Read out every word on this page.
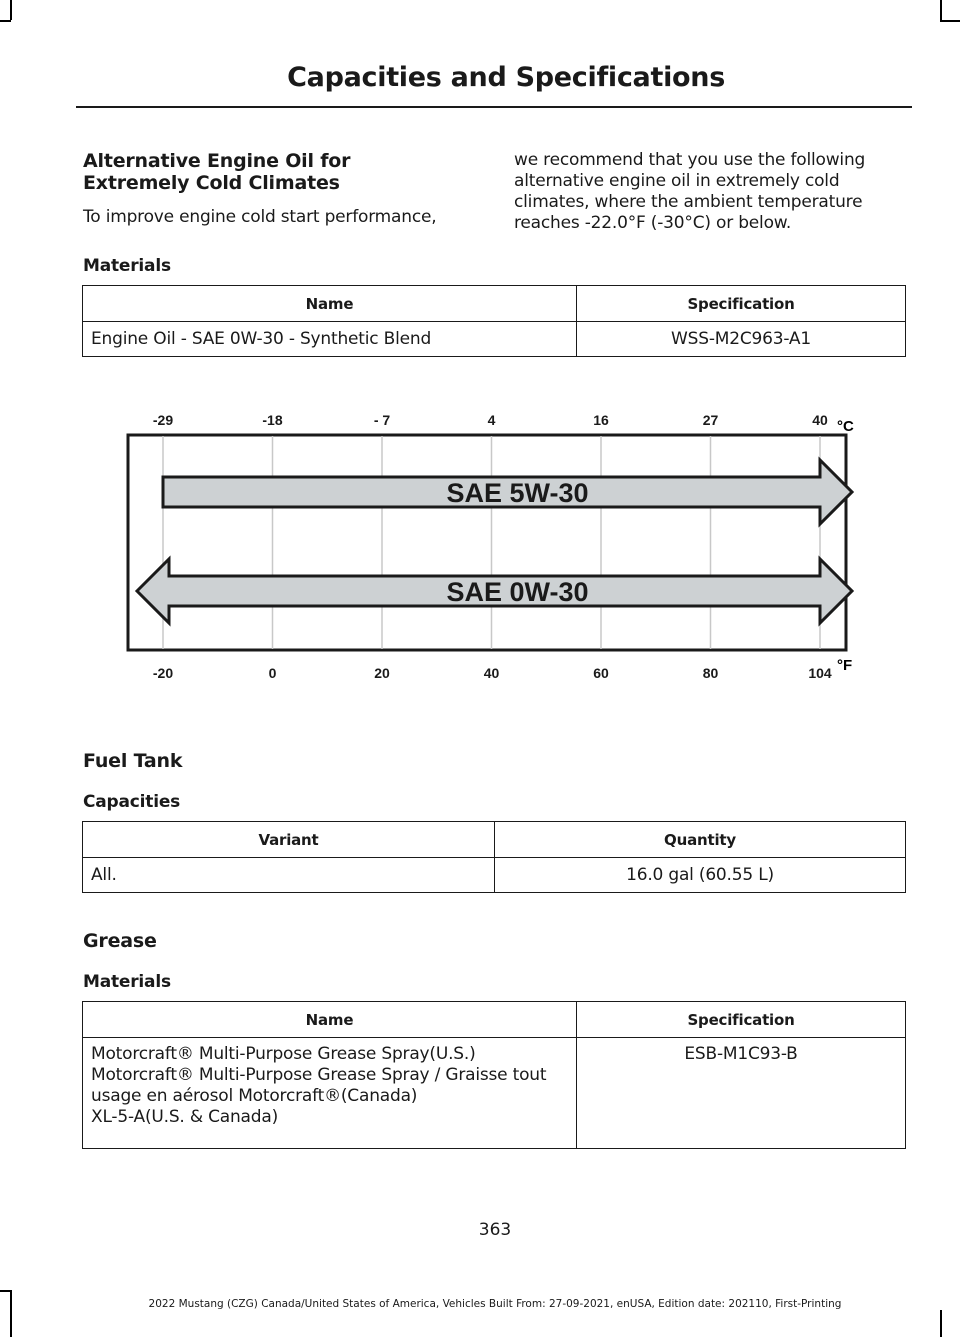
Capacities and Specifications
Alternative Engine Oil for Extremely Cold Climates

To improve engine cold start performance,

we recommend that you use the following alternative engine oil in extremely cold climates, where the ambient temperature reaches -22.0°F (-30°C) or below.

Materials
Name	Specification
Engine Oil - SAE 0W-30 - Synthetic Blend	WSS-M2C963-A1
SAE 5W-30
SAE 0W-30
-29	-18	- 7	4	16	27	40
-20	0	20	40	60	80	104
°C
°F
Fuel Tank
Capacities
Variant	Quantity
All.	16.0 gal (60.55 L)
Grease
Materials
Name	Specification

Motorcraft® Multi-Purpose Grease Spray(U.S.)
Motorcraft® Multi-Purpose Grease Spray / Graisse tout usage en aérosol Motorcraft®(Canada)
XL-5-A(U.S. & Canada)	ESB-M1C93-B
363
2022 Mustang (CZG) Canada/United States of America, Vehicles Built From: 27-09-2021, enUSA, Edition date: 202110, First-Printing
